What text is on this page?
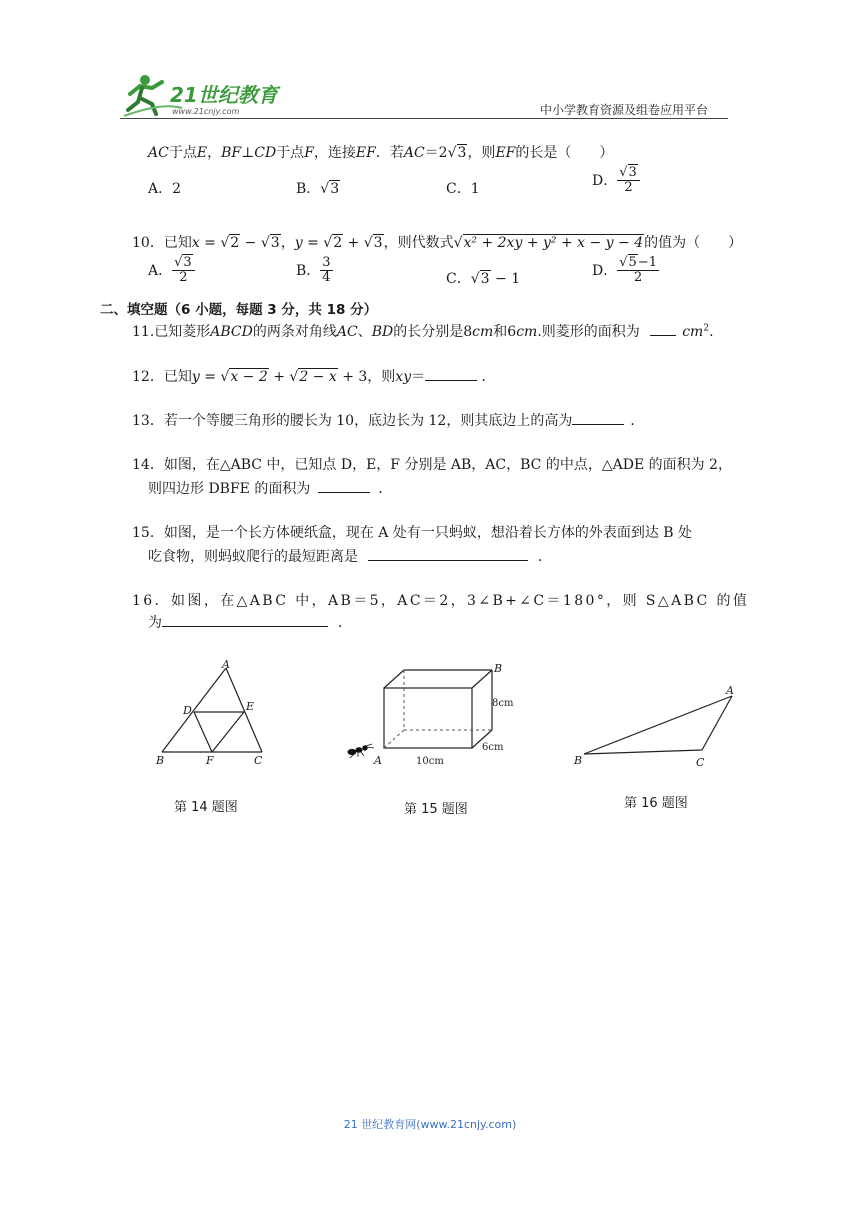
21世纪教育
www.21cnjy.com	中小学教育资源及组卷应用平台
AC于点E，BF⊥CD于点F，连接EF．若AC＝2√3，则EF的长是（　　）
A．2	B．√3	C．1
D． $\frac{√3}{2}$
10．已知x = √2 − √3，y = √2 + √3，则代数式√x² + 2xy + y² + x − y − 4的值为（　　）
A． $\frac{√3}{2}$	B． $\frac{3}{4}$	C．√3 − 1
D． $\frac{√5-1}{2}$
二、填空题（6 小题，每题 3 分，共 18 分）
11.已知菱形ABCD的两条对角线AC、BD的长分别是8cm和6cm.则菱形的面积为	$cm^2$.
12．已知y = √x − 2 + √2 − x + 3，则xy＝	．
13．若一个等腰三角形的腰长为 10，底边长为 12，则其底边上的高为	．
14．如图，在△ABC 中，已知点 D，E，F 分别是 AB，AC，BC 的中点，△ADE 的面积为 2，
则四边形 DBFE 的面积为	．
15．如图，是一个长方体硬纸盒，现在 A 处有一只蚂蚁，想沿着长方体的外表面到达 B 处
吃食物，则蚂蚁爬行的最短距离是	．
16．如图，在△ABC 中，AB＝5，AC＝2，3∠B+∠C＝180°，则 S△ABC 的值
为	．
A
D	E
B	F	C
第 14 题图
A
B
8cm
6cm
10cm
第 15 题图
A
B	C
第 16 题图
21 世纪教育网(www.21cnjy.com)
